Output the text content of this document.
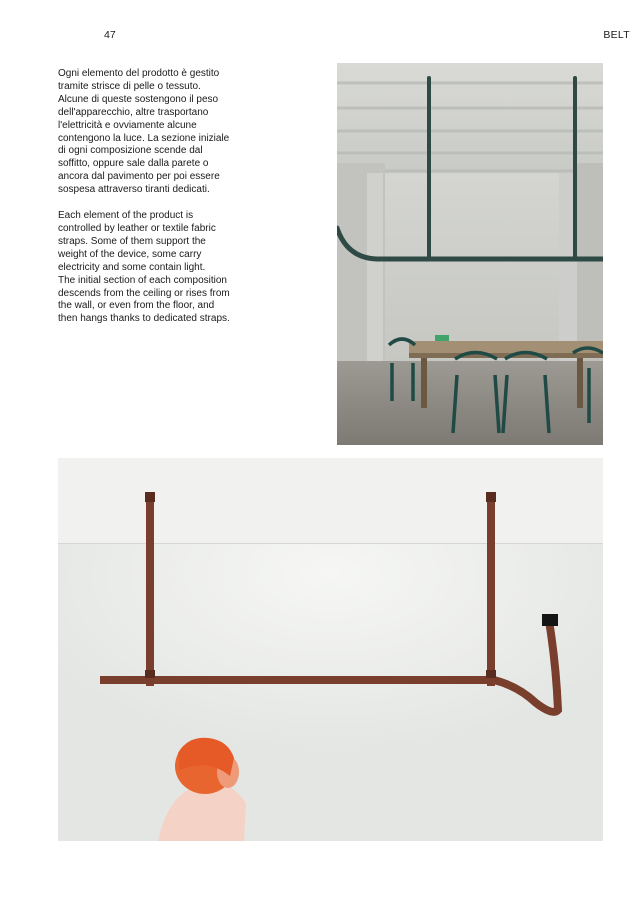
47	BELT

Ogni elemento del prodotto è gestito
tramite strisce di pelle o tessuto.
Alcune di queste sostengono il peso
dell'apparecchio, altre trasportano
l'elettricità e ovviamente alcune
contengono la luce. La sezione iniziale
di ogni composizione scende dal
soffitto, oppure sale dalla parete o
ancora dal pavimento per poi essere
sospesa attraverso tiranti dedicati.

Each element of the product is
controlled by leather or textile fabric
straps. Some of them support the
weight of the device, some carry
electricity and some contain light.
The initial section of each composition
descends from the ceiling or rises from
the wall, or even from the floor, and
then hangs thanks to dedicated straps.
